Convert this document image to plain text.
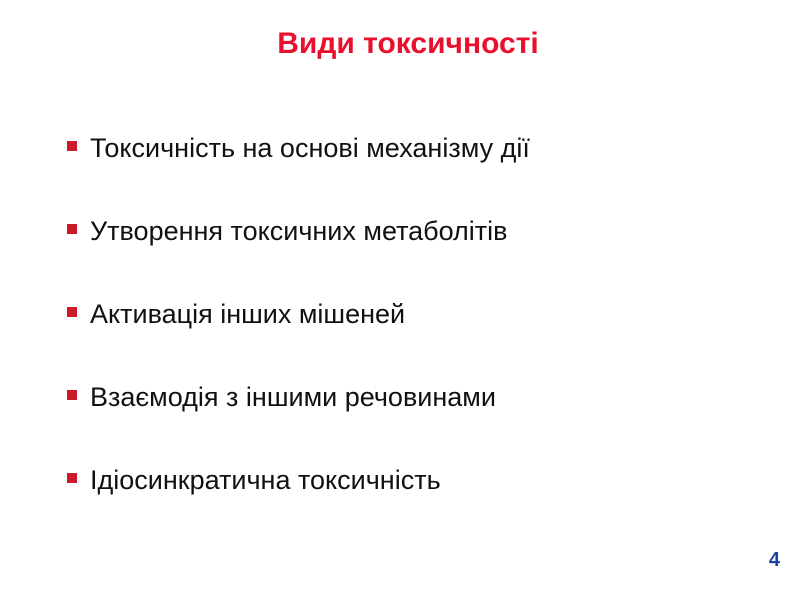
Види токсичності
Токсичність на основі механізму дії
Утворення токсичних метаболітів
Активація інших мішеней
Взаємодія з іншими речовинами
Ідіосинкратична токсичність
4
